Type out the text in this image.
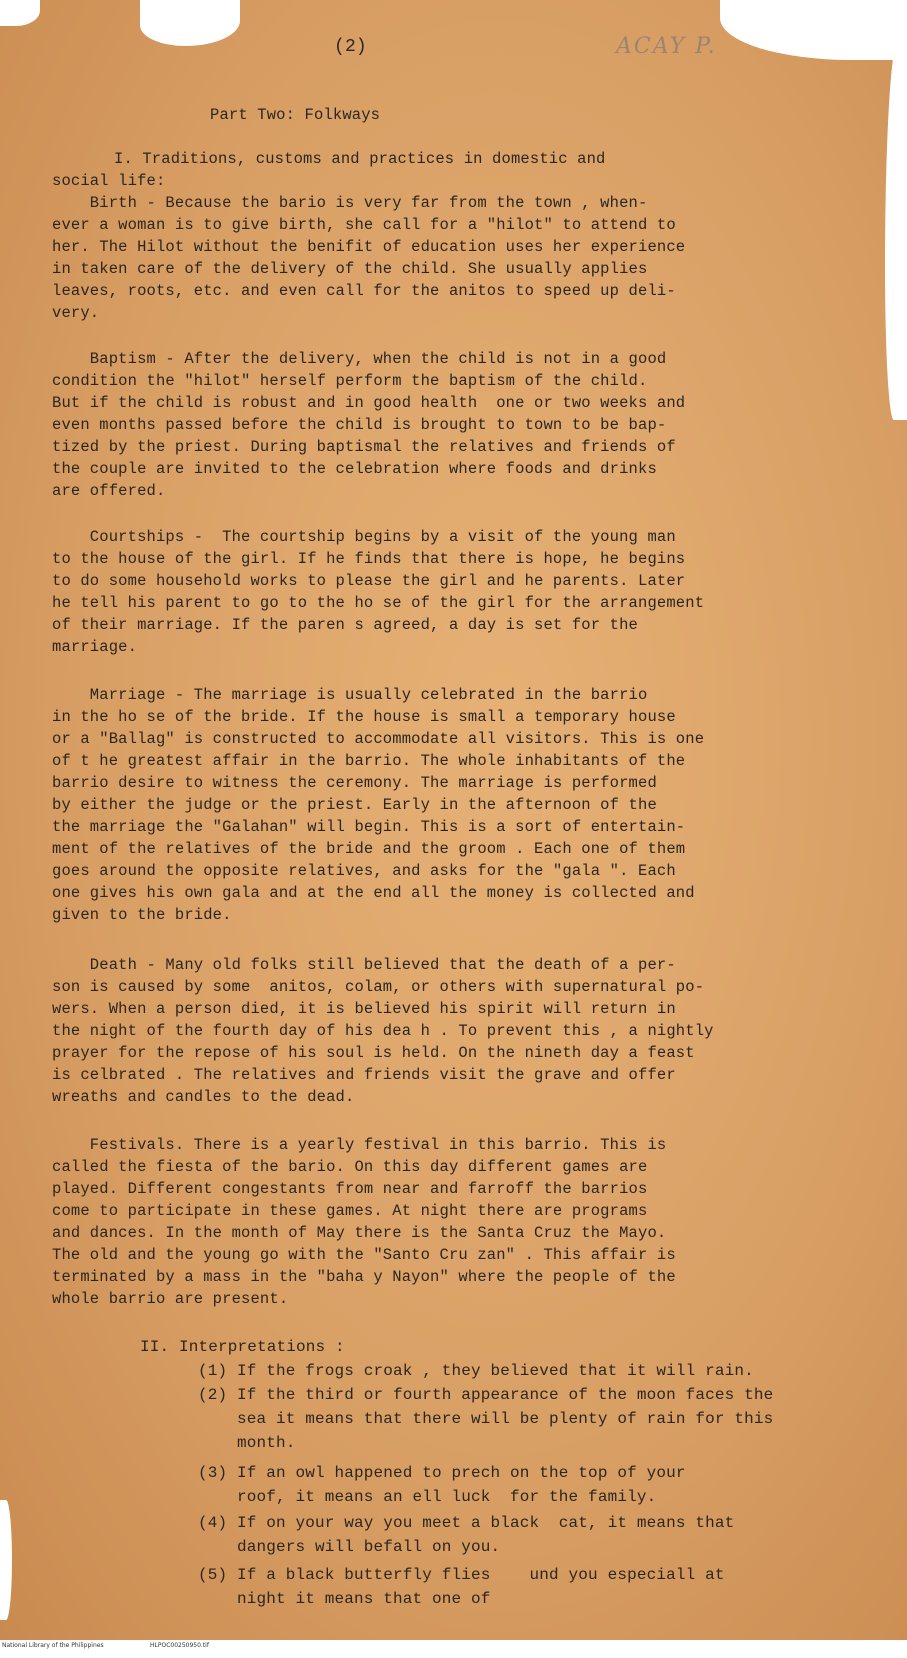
(2)	ACAY P.
Part Two: Folkways
I. Traditions, customs and practices in domestic and
social life:
Birth - Because the bario is very far from the town , when-
ever a woman is to give birth, she call for a "hilot" to attend to
her. The Hilot without the benifit of education uses her experience
in taken care of the delivery of the child. She usually applies
leaves, roots, etc. and even call for the anitos to speed up deli-
very.
Baptism - After the delivery, when the child is not in a good
condition the "hilot" herself perform the baptism of the child.
But if the child is robust and in good health  one or two weeks and
even months passed before the child is brought to town to be bap-
tized by the priest. During baptismal the relatives and friends of
the couple are invited to the celebration where foods and drinks
are offered.
Courtships -  The courtship begins by a visit of the young man
to the house of the girl. If he finds that there is hope, he begins
to do some household works to please the girl and he parents. Later
he tell his parent to go to the ho se of the girl for the arrangement
of their marriage. If the paren s agreed, a day is set for the
marriage.
Marriage - The marriage is usually celebrated in the barrio
in the ho se of the bride. If the house is small a temporary house
or a "Ballag" is constructed to accommodate all visitors. This is one
of t he greatest affair in the barrio. The whole inhabitants of the
barrio desire to witness the ceremony. The marriage is performed
by either the judge or the priest. Early in the afternoon of the
the marriage the "Galahan" will begin. This is a sort of entertain-
ment of the relatives of the bride and the groom . Each one of them
goes around the opposite relatives, and asks for the "gala ". Each
one gives his own gala and at the end all the money is collected and
given to the bride.
Death - Many old folks still believed that the death of a per-
son is caused by some  anitos, colam, or others with supernatural po-
wers. When a person died, it is believed his spirit will return in
the night of the fourth day of his dea h . To prevent this , a nightly
prayer for the repose of his soul is held. On the nineth day a feast
is celbrated . The relatives and friends visit the grave and offer
wreaths and candles to the dead.
Festivals. There is a yearly festival in this barrio. This is
called the fiesta of the bario. On this day different games are
played. Different congestants from near and farroff the barrios
come to participate in these games. At night there are programs
and dances. In the month of May there is the Santa Cruz the Mayo.
The old and the young go with the "Santo Cru zan" . This affair is
terminated by a mass in the "baha y Nayon" where the people of the
whole barrio are present.
II. Interpretations :
(1) If the frogs croak , they believed that it will rain.
(2) If the third or fourth appearance of the moon faces the
sea it means that there will be plenty of rain for this
month.
(3) If an owl happened to prech on the top of your
roof, it means an ell luck  for the family.
(4) If on your way you meet a black  cat, it means that
dangers will befall on you.
(5) If a black butterfly flies    und you especiall at
night it means that one of
National Library of the Philippines	HLPOC00250950.tif
